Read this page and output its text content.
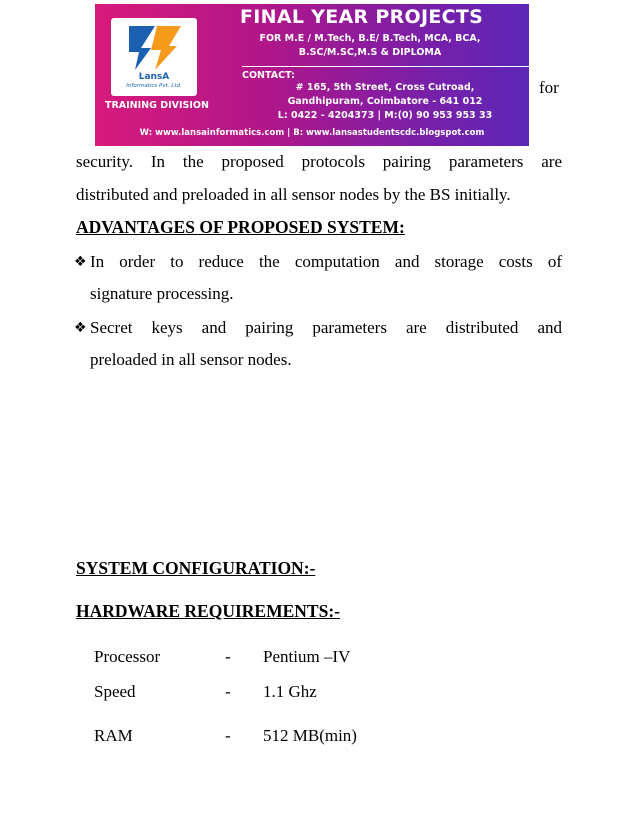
LansA
Informatics Pvt. Ltd.
TRAINING DIVISION
FINAL YEAR PROJECTS
FOR M.E / M.Tech, B.E/ B.Tech, MCA, BCA,
B.SC/M.SC,M.S & DIPLOMA
CONTACT:
# 165, 5th Street, Cross Cutroad,
Gandhipuram, Coimbatore - 641 012
L: 0422 - 4204373 | M:(0) 90 953 953 33
W: www.lansainformatics.com | B: www.lansastudentscdc.blogspot.com
for
security. In the proposed protocols pairing parameters are
distributed and preloaded in all sensor nodes by the BS initially.
ADVANTAGES OF PROPOSED SYSTEM:
❖ In order to reduce the computation and storage costs of
signature processing.
❖ Secret keys and pairing parameters are distributed and
preloaded in all sensor nodes.
SYSTEM CONFIGURATION:-
HARDWARE REQUIREMENTS:-
Processor	- Pentium –IV
Speed	- 1.1 Ghz
RAM	- 512 MB(min)
